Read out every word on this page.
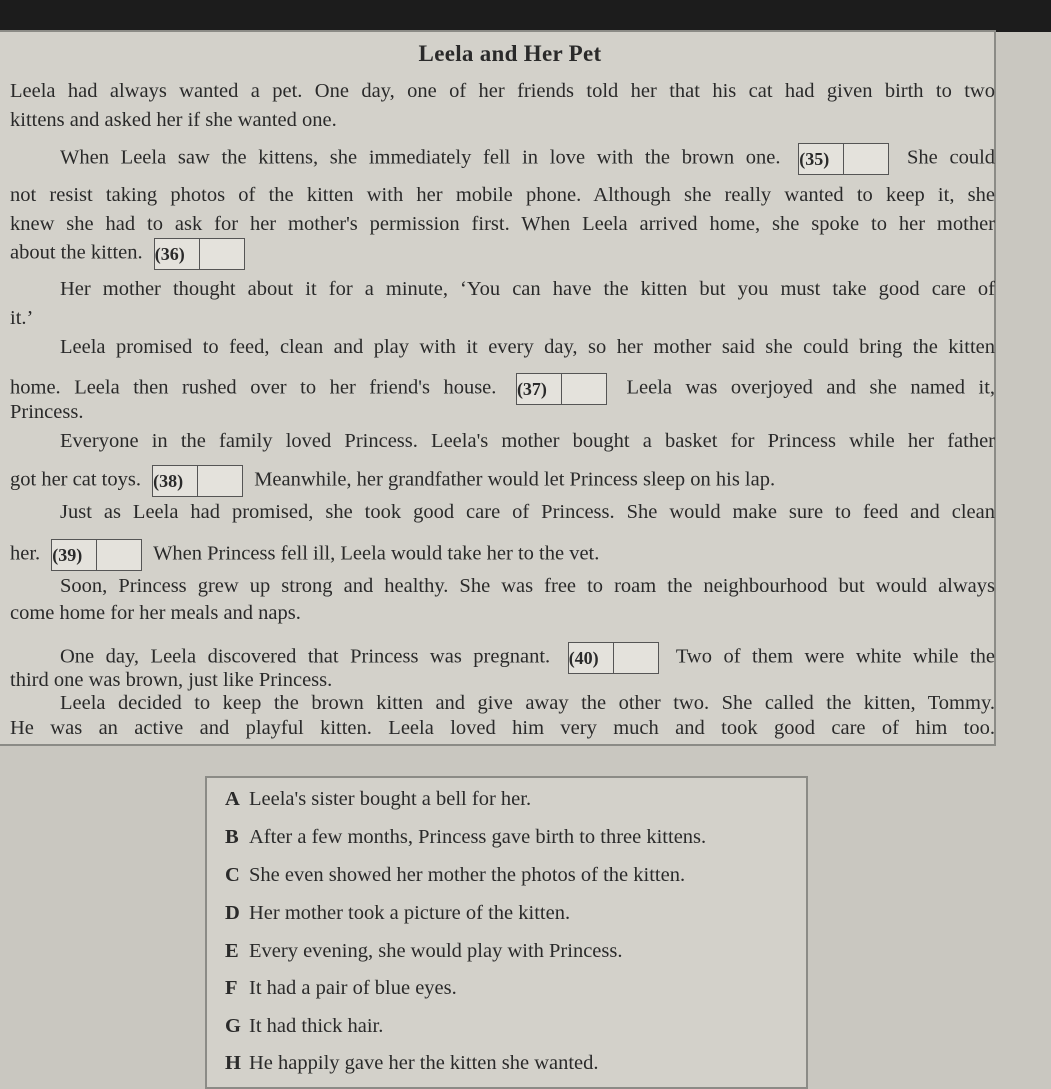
Leela and Her Pet
Leela had always wanted a pet. One day, one of her friends told her that his cat had given birth to two
kittens and asked her if she wanted one.
When Leela saw the kittens, she immediately fell in love with the brown one. (35)	She could
not resist taking photos of the kitten with her mobile phone. Although she really wanted to keep it, she
knew she had to ask for her mother's permission first. When Leela arrived home, she spoke to her mother
about the kitten. (36)
Her mother thought about it for a minute, ‘You can have the kitten but you must take good care of
it.’
Leela promised to feed, clean and play with it every day, so her mother said she could bring the kitten
home. Leela then rushed over to her friend's house. (37)	Leela was overjoyed and she named it,
Princess.
Everyone in the family loved Princess. Leela's mother bought a basket for Princess while her father
got her cat toys. (38)	Meanwhile, her grandfather would let Princess sleep on his lap.
Just as Leela had promised, she took good care of Princess. She would make sure to feed and clean
her. (39)	When Princess fell ill, Leela would take her to the vet.
Soon, Princess grew up strong and healthy. She was free to roam the neighbourhood but would always
come home for her meals and naps.
One day, Leela discovered that Princess was pregnant. (40)	Two of them were white while the
third one was brown, just like Princess.
Leela decided to keep the brown kitten and give away the other two. She called the kitten, Tommy.
He was an active and playful kitten. Leela loved him very much and took good care of him too.
A Leela's sister bought a bell for her.
B After a few months, Princess gave birth to three kittens.
C She even showed her mother the photos of the kitten.
D Her mother took a picture of the kitten.
E Every evening, she would play with Princess.
F It had a pair of blue eyes.
G It had thick hair.
H He happily gave her the kitten she wanted.
